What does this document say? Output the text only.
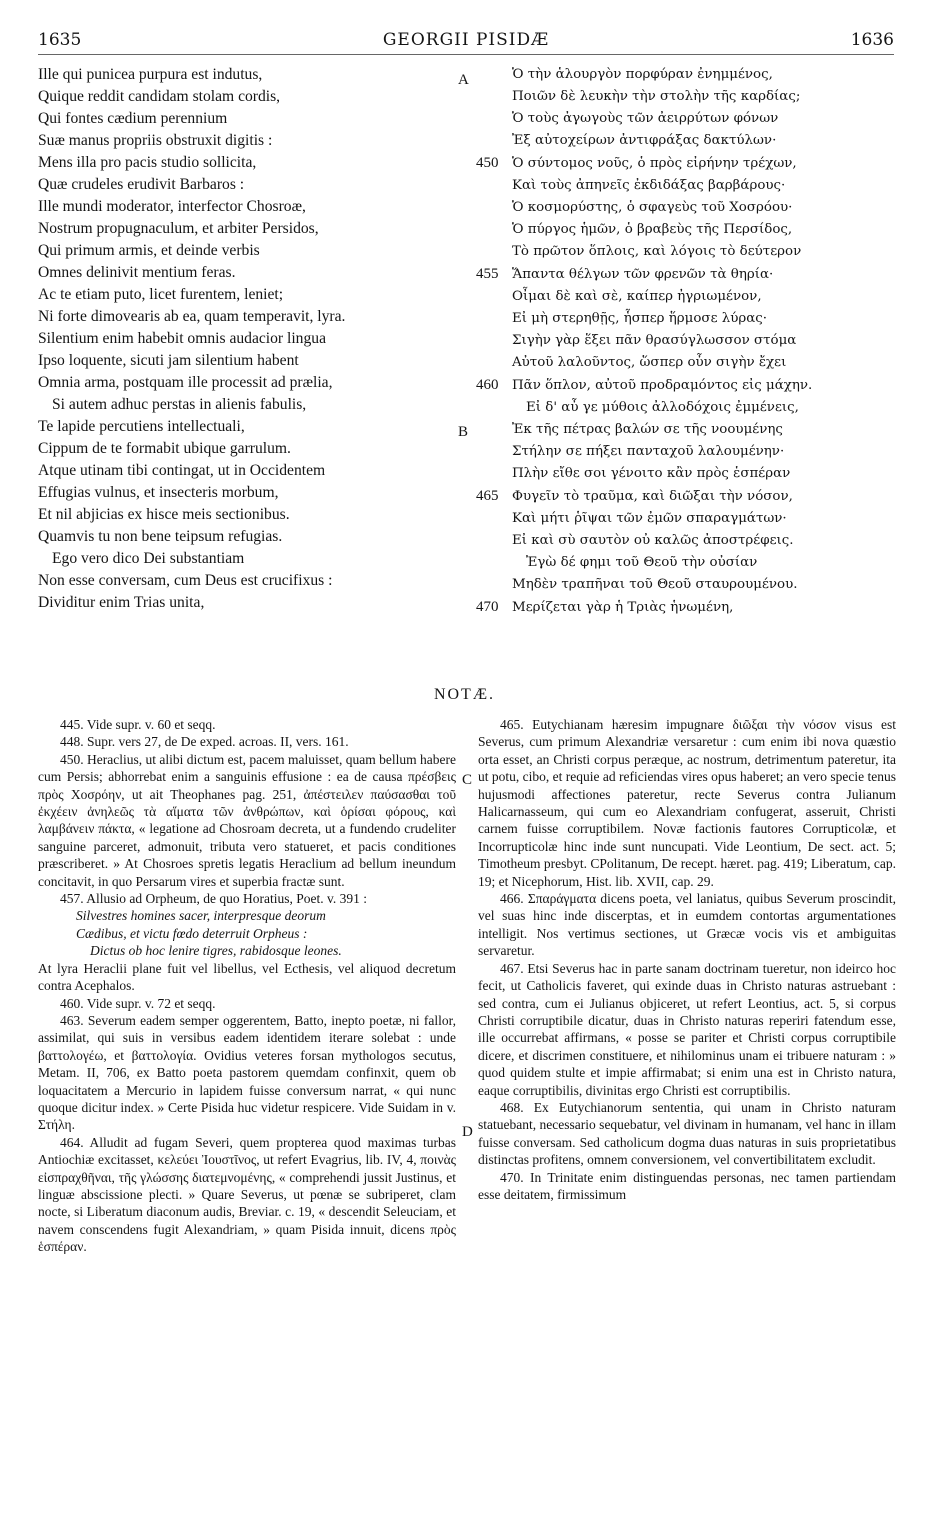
1635	GEORGII PISIDÆ	1636
Ille qui punicea purpura est indutus,
Quique reddit candidam stolam cordis,
Qui fontes cædium perennium
Suæ manus propriis obstruxit digitis :
Mens illa pro pacis studio sollicita,
Quæ crudeles erudivit Barbaros :
Ille mundi moderator, interfector Chosroæ,
Nostrum propugnaculum, et arbiter Persidos,
Qui primum armis, et deinde verbis
Omnes delinivit mentium feras.
Ac te etiam puto, licet furentem, leniet;
Ni forte dimovearis ab ea, quam temperavit, lyra.
Silentium enim habebit omnis audacior lingua
Ipso loquente, sicuti jam silentium habent
Omnia arma, postquam ille processit ad prælia,
Si autem adhuc perstas in alienis fabulis,
Te lapide percutiens intellectuali,
Cippum de te formabit ubique garrulum.
Atque utinam tibi contingat, ut in Occidentem
Effugias vulnus, et insecteris morbum,
Et nil abjicias ex hisce meis sectionibus.
Quamvis tu non bene teipsum refugias.
Ego vero dico Dei substantiam
Non esse conversam, cum Deus est crucifixus :
Dividitur enim Trias unita,
Ὁ τὴν ἁλουργὸν πορφύραν ἐνημμένος,
Ποιῶν δὲ λευκὴν τὴν στολὴν τῆς καρδίας;
Ὁ τοὺς ἀγωγοὺς τῶν ἀειρρύτων φόνων
Ἐξ αὐτοχείρων ἀντιφράξας δακτύλων·
450 Ὁ σύντομος νοῦς, ὁ πρὸς εἰρήνην τρέχων,
Καὶ τοὺς ἀπηνεῖς ἐκδιδάξας βαρβάρους·
Ὁ κοσμορύστης, ὁ σφαγεὺς τοῦ Χοσρόου·
Ὁ πύργος ἡμῶν, ὁ βραβεὺς τῆς Περσίδος,
Τὸ πρῶτον ὅπλοις, καὶ λόγοις τὸ δεύτερον
455 Ἅπαντα θέλγων τῶν φρενῶν τὰ θηρία·
Οἶμαι δὲ καὶ σὲ, καίπερ ἠγριωμένον,
Εἰ μὴ στερηθῇς, ἧσπερ ἥρμοσε λύρας·
Σιγὴν γὰρ ἕξει πᾶν θρασύγλωσσον στόμα
Αὐτοῦ λαλοῦντος, ὥσπερ οὖν σιγὴν ἔχει
460 Πᾶν ὅπλον, αὐτοῦ προδραμόντος εἰς μάχην.
Εἰ δ' αὖ γε μύθοις ἀλλοδόχοις ἐμμένεις,
Ἐκ τῆς πέτρας βαλών σε τῆς νοουμένης
Στήλην σε πήξει πανταχοῦ λαλουμένην·
Πλὴν εἴθε σοι γένοιτο κἂν πρὸς ἑσπέραν
465 Φυγεῖν τὸ τραῦμα, καὶ διῶξαι τὴν νόσον,
Καὶ μήτι ῥῖψαι τῶν ἐμῶν σπαραγμάτων·
Εἰ καὶ σὺ σαυτὸν οὐ καλῶς ἀποστρέφεις.
Ἐγὼ δέ φημι τοῦ Θεοῦ τὴν οὐσίαν
Μηδὲν τραπῆναι τοῦ Θεοῦ σταυρουμένου.
470 Μερίζεται γὰρ ἡ Τριὰς ἡνωμένη,
A
B
C
D
NOTÆ.

445. Vide supr. v. 60 et seqq.

448. Supr. vers 27, de De exped. acroas. II, vers. 161.

450. Heraclius, ut alibi dictum est, pacem maluisset, quam bellum habere cum Persis; abhorrebat enim a sanguinis effusione : ea de causa πρέσβεις πρὸς Χοσρόην, ut ait Theophanes pag. 251, ἀπέστειλεν παύσασθαι τοῦ ἐκχέειν ἀνηλεῶς τὰ αἵματα τῶν ἀνθρώπων, καὶ ὁρίσαι φόρους, καὶ λαμβάνειν πάκτα, « legatione ad Chosroam decreta, ut a fundendo crudeliter sanguine parceret, admonuit, tributa vero statueret, et pacis conditiones præscriberet. » At Chosroes spretis legatis Heraclium ad bellum ineundum concitavit, in quo Persarum vires et superbia fractæ sunt.

457. Allusio ad Orpheum, de quo Horatius, Poet. v. 391 :

Silvestres homines sacer, interpresque deorum

Cædibus, et victu fœdo deterruit Orpheus :

Dictus ob hoc lenire tigres, rabidosque leones.

At lyra Heraclii plane fuit vel libellus, vel Ecthesis, vel aliquod decretum contra Acephalos.

460. Vide supr. v. 72 et seqq.

463. Severum eadem semper oggerentem, Batto, inepto poetæ, ni fallor, assimilat, qui suis in versibus eadem identidem iterare solebat : unde βαττολογέω, et βαττολογία. Ovidius veteres forsan mythologos secutus, Metam. II, 706, ex Batto poeta pastorem quemdam confinxit, quem ob loquacitatem a Mercurio in lapidem fuisse conversum narrat, « qui nunc quoque dicitur index. » Certe Pisida huc videtur respicere. Vide Suidam in v. Στήλη.

464. Alludit ad fugam Severi, quem propterea quod maximas turbas Antiochiæ excitasset, κελεύει Ἰουστῖνος, ut refert Evagrius, lib. IV, 4, ποινὰς εἰσπραχθῆναι, τῆς γλώσσης διατεμνομένης, « comprehendi jussit Justinus, et linguæ abscissione plecti. » Quare Severus, ut pœnæ se subriperet, clam nocte, si Liberatum diaconum audis, Breviar. c. 19, « descendit Seleuciam, et navem conscendens fugit Alexandriam, » quam Pisida innuit, dicens πρὸς ἑσπέραν.

465. Eutychianam hæresim impugnare διῶξαι τὴν νόσον visus est Severus, cum primum Alexandriæ versaretur : cum enim ibi nova quæstio orta esset, an Christi corpus peræque, ac nostrum, detrimentum pateretur, ita ut potu, cibo, et requie ad reficiendas vires opus haberet; an vero specie tenus hujusmodi affectiones pateretur, recte Severus contra Julianum Halicarnasseum, qui cum eo Alexandriam confugerat, asseruit, Christi carnem fuisse corruptibilem. Novæ factionis fautores Corrupticolæ, et Incorrupticolæ hinc inde sunt nuncupati. Vide Leontium, De sect. act. 5; Timotheum presbyt. CPolitanum, De recept. hæret. pag. 419; Liberatum, cap. 19; et Nicephorum, Hist. lib. XVII, cap. 29.

466. Σπαράγματα dicens poeta, vel laniatus, quibus Severum proscindit, vel suas hinc inde discerptas, et in eumdem contortas argumentationes intelligit. Nos vertimus sectiones, ut Græcæ vocis vis et ambiguitas servaretur.

467. Etsi Severus hac in parte sanam doctrinam tueretur, non ideirco hoc fecit, ut Catholicis faveret, qui exinde duas in Christo naturas astruebant : sed contra, cum ei Julianus objiceret, ut refert Leontius, act. 5, si corpus Christi corruptibile dicatur, duas in Christo naturas reperiri fatendum esse, ille occurrebat affirmans, « posse se pariter et Christi corpus corruptibile dicere, et discrimen constituere, et nihilominus unam ei tribuere naturam : » quod quidem stulte et impie affirmabat; si enim una est in Christo natura, eaque corruptibilis, divinitas ergo Christi est corruptibilis.

468. Ex Eutychianorum sententia, qui unam in Christo naturam statuebant, necessario sequebatur, vel divinam in humanam, vel hanc in illam fuisse conversam. Sed catholicum dogma duas naturas in suis proprietatibus distinctas profitens, omnem conversionem, vel convertibilitatem excludit.

470. In Trinitate enim distinguendas personas, nec tamen partiendam esse deitatem, firmissimum
